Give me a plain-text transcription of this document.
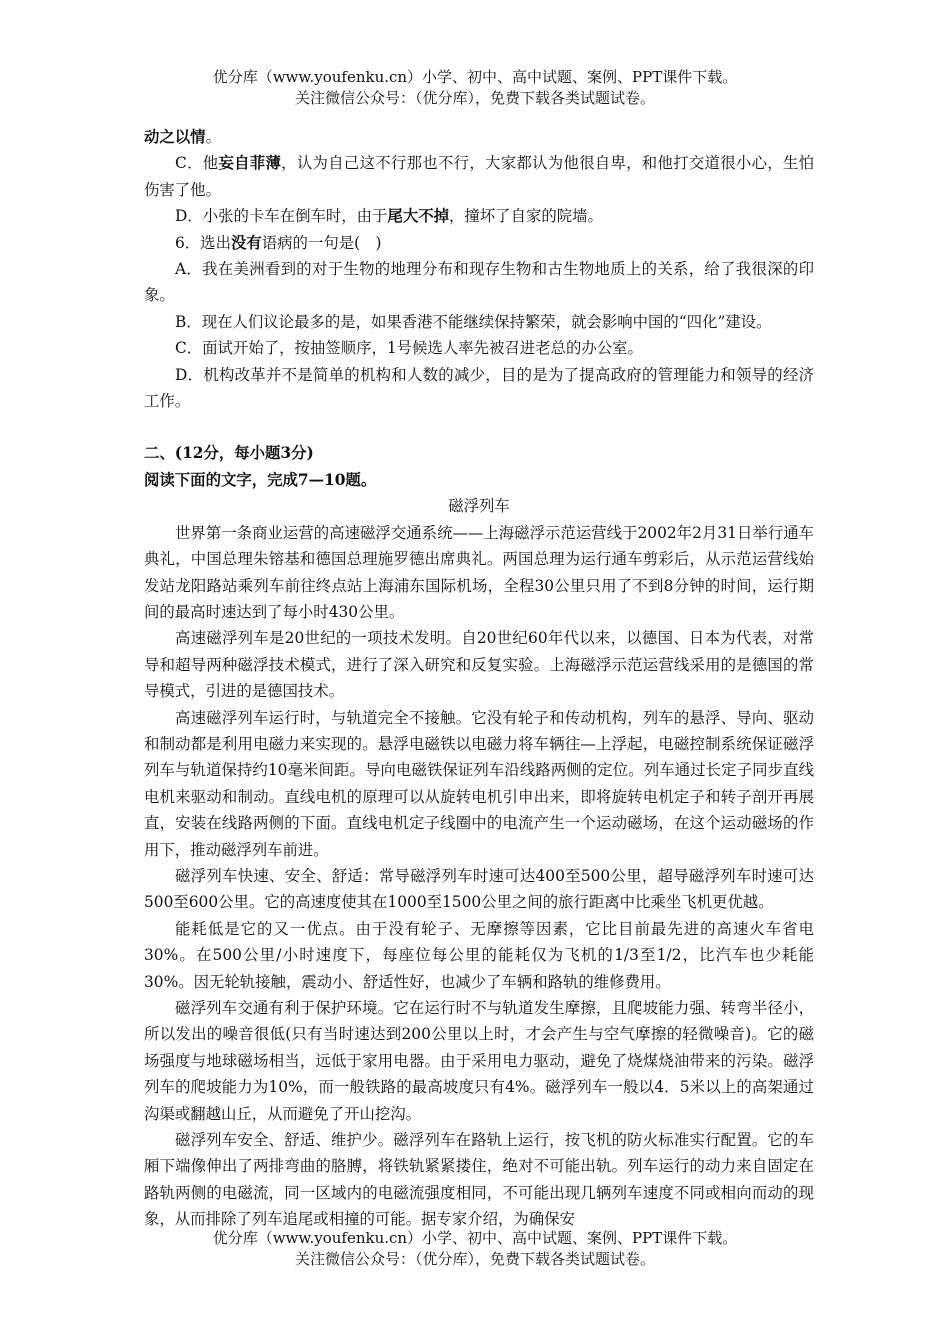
优分库（www.youfenku.cn）小学、初中、高中试题、案例、PPT课件下载。
关注微信公众号：（优分库），免费下载各类试题试卷。

动之以情。

C．他妄自菲薄，认为自己这不行那也不行，大家都认为他很自卑，和他打交道很小心，生怕伤害了他。

D．小张的卡车在倒车时，由于尾大不掉，撞坏了自家的院墙。

6．选出没有语病的一句是(　)

A．我在美洲看到的对于生物的地理分布和现存生物和古生物地质上的关系，给了我很深的印象。

B．现在人们议论最多的是，如果香港不能继续保持繁荣，就会影响中国的“四化”建设。

C．面试开始了，按抽签顺序，1号候选人率先被召进老总的办公室。

D．机构改革并不是简单的机构和人数的减少，目的是为了提高政府的管理能力和领导的经济工作。

二、(12分，每小题3分)

阅读下面的文字，完成7—10题。

磁浮列车

世界第一条商业运营的高速磁浮交通系统——上海磁浮示范运营线于2002年2月31日举行通车典礼，中国总理朱镕基和德国总理施罗德出席典礼。两国总理为运行通车剪彩后，从示范运营线始发站龙阳路站乘列车前往终点站上海浦东国际机场，全程30公里只用了不到8分钟的时间，运行期间的最高时速达到了每小时430公里。

高速磁浮列车是20世纪的一项技术发明。自20世纪60年代以来，以德国、日本为代表，对常导和超导两种磁浮技术模式，进行了深入研究和反复实验。上海磁浮示范运营线采用的是德国的常导模式，引进的是德国技术。

高速磁浮列车运行时，与轨道完全不接触。它没有轮子和传动机构，列车的悬浮、导向、驱动和制动都是利用电磁力来实现的。悬浮电磁铁以电磁力将车辆往—上浮起，电磁控制系统保证磁浮列车与轨道保持约10毫米间距。导向电磁铁保证列车沿线路两侧的定位。列车通过长定子同步直线电机来驱动和制动。直线电机的原理可以从旋转电机引申出来，即将旋转电机定子和转子剖开再展直，安装在线路两侧的下面。直线电机定子线圈中的电流产生一个运动磁场，在这个运动磁场的作用下，推动磁浮列车前进。

磁浮列车快速、安全、舒适：常导磁浮列车时速可达400至500公里，超导磁浮列车时速可达500至600公里。它的高速度使其在1000至1500公里之间的旅行距离中比乘坐飞机更优越。

能耗低是它的又一优点。由于没有轮子、无摩擦等因素，它比目前最先进的高速火车省电30%。在500公里/小时速度下，每座位每公里的能耗仅为飞机的1/3至1/2，比汽车也少耗能30%。因无轮轨接触，震动小、舒适性好，也减少了车辆和路轨的维修费用。

磁浮列车交通有利于保护环境。它在运行时不与轨道发生摩擦，且爬坡能力强、转弯半径小，所以发出的噪音很低(只有当时速达到200公里以上时，才会产生与空气摩擦的轻微噪音)。它的磁场强度与地球磁场相当，远低于家用电器。由于采用电力驱动，避免了烧煤烧油带来的污染。磁浮列车的爬坡能力为10%，而一般铁路的最高坡度只有4%。磁浮列车一般以4．5米以上的高架通过沟渠或翻越山丘，从而避免了开山挖沟。

磁浮列车安全、舒适、维护少。磁浮列车在路轨上运行，按飞机的防火标准实行配置。它的车厢下端像伸出了两排弯曲的胳膊，将铁轨紧紧搂住，绝对不可能出轨。列车运行的动力来自固定在路轨两侧的电磁流，同一区域内的电磁流强度相同，不可能出现几辆列车速度不同或相向而动的现象，从而排除了列车追尾或相撞的可能。据专家介绍，为确保安

优分库（www.youfenku.cn）小学、初中、高中试题、案例、PPT课件下载。
关注微信公众号：（优分库），免费下载各类试题试卷。
